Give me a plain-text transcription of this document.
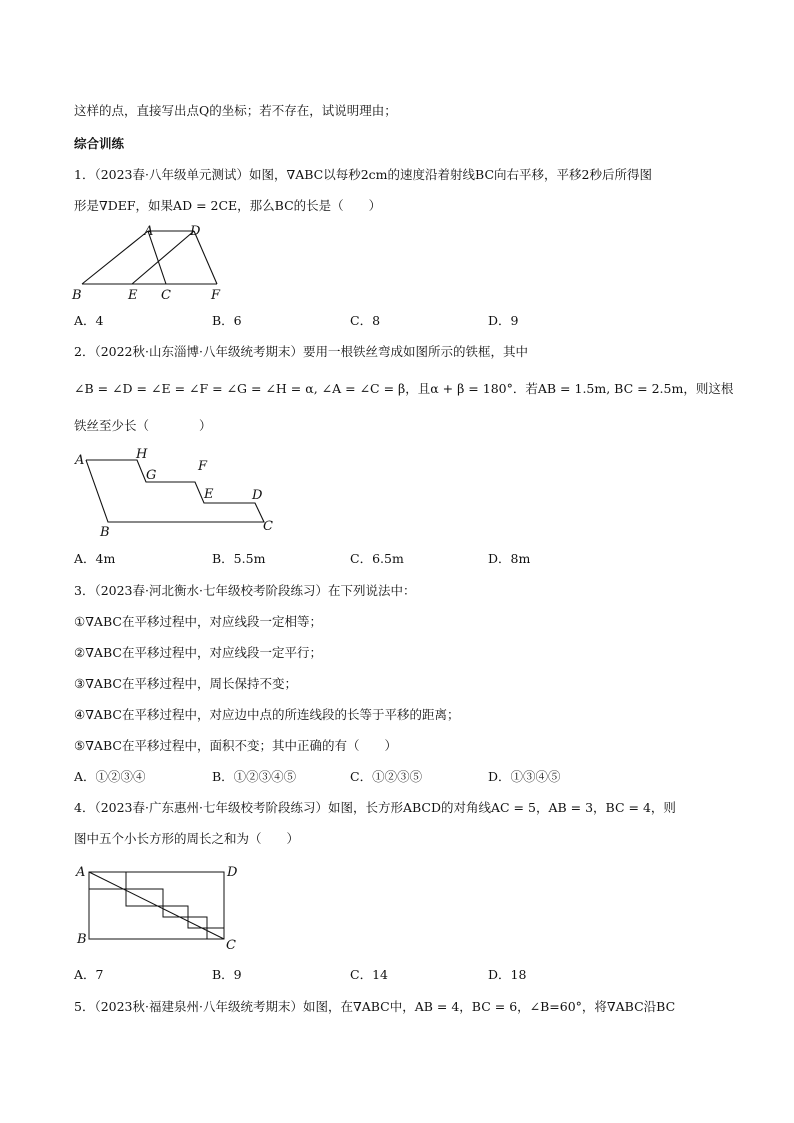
这样的点，直接写出点Q的坐标；若不存在，试说明理由；
综合训练
1．（2023春·八年级单元测试）如图，∇ABC以每秒2cm的速度沿着射线BC向右平移，平移2秒后所得图
形是∇DEF，如果AD = 2CE，那么BC的长是（　　）
A	D
B	E C	F
A．4	B．6	C．8	D．9
2．（2022秋·山东淄博·八年级统考期末）要用一根铁丝弯成如图所示的铁框，其中
∠B = ∠D = ∠E = ∠F = ∠G = ∠H = α, ∠A = ∠C = β，且α + β = 180°．若AB = 1.5m, BC = 2.5m，则这根
铁丝至少长（　　　　）
A	H
G
F
E	D
B	C
A．4m	B．5.5m	C．6.5m	D．8m
3．（2023春·河北衡水·七年级校考阶段练习）在下列说法中：
①∇ABC在平移过程中，对应线段一定相等；
②∇ABC在平移过程中，对应线段一定平行；
③∇ABC在平移过程中，周长保持不变；
④∇ABC在平移过程中，对应边中点的所连线段的长等于平移的距离；
⑤∇ABC在平移过程中，面积不变；其中正确的有（　　）
A．①②③④	B．①②③④⑤	C．①②③⑤	D．①③④⑤
4．（2023春·广东惠州·七年级校考阶段练习）如图，长方形ABCD的对角线AC = 5，AB = 3，BC = 4，则
图中五个小长方形的周长之和为（　　）
A	D
B	C
A．7	B．9	C．14	D．18
5．（2023秋·福建泉州·八年级统考期末）如图，在∇ABC中，AB = 4，BC = 6，∠B=60°，将∇ABC沿BC
